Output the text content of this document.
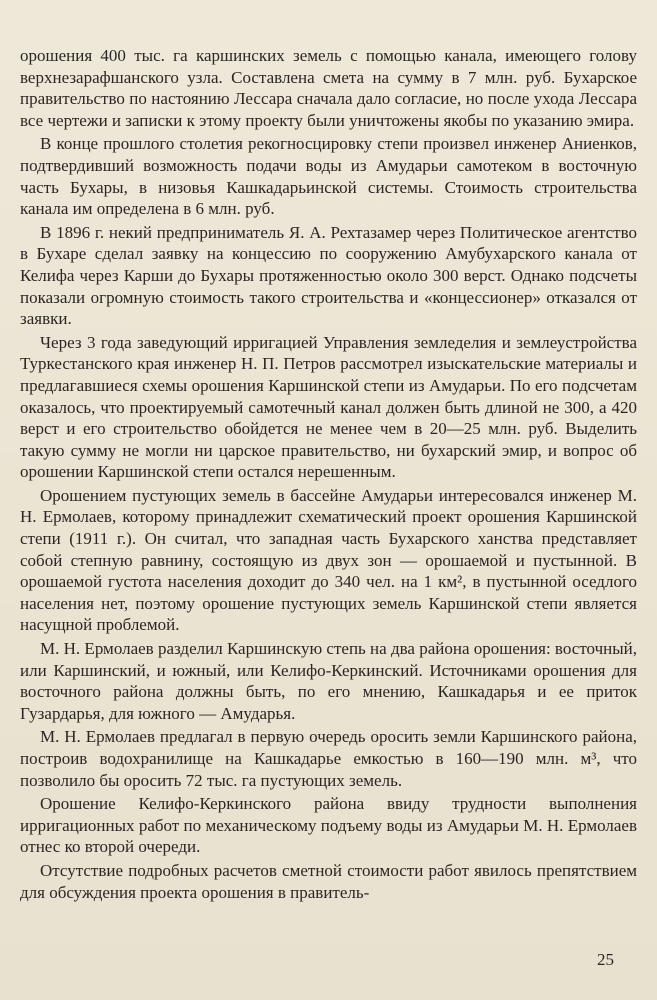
орошения 400 тыс. га каршинских земель с помощью канала, имеющего голову верхнезарафшанского узла. Составлена смета на сумму в 7 млн. руб. Бухарское правительство по настоянию Лессара сначала дало согласие, но после ухода Лессара все чертежи и записки к этому проекту были уничтожены якобы по указанию эмира.

В конце прошлого столетия рекогносцировку степи произвел инженер Аниенков, подтвердивший возможность подачи воды из Амударьи самотеком в восточную часть Бухары, в низовья Кашкадарьинской системы. Стоимость строительства канала им определена в 6 млн. руб.

В 1896 г. некий предприниматель Я. А. Рехтазамер через Политическое агентство в Бухаре сделал заявку на концессию по сооружению Амубухарского канала от Келифа через Карши до Бухары протяженностью около 300 верст. Однако подсчеты показали огромную стоимость такого строительства и «концессионер» отказался от заявки.

Через 3 года заведующий ирригацией Управления земледелия и землеустройства Туркестанского края инженер Н. П. Петров рассмотрел изыскательские материалы и предлагавшиеся схемы орошения Каршинской степи из Амударьи. По его подсчетам оказалось, что проектируемый самотечный канал должен быть длиной не 300, а 420 верст и его строительство обойдется не менее чем в 20—25 млн. руб. Выделить такую сумму не могли ни царское правительство, ни бухарский эмир, и вопрос об орошении Каршинской степи остался нерешенным.

Орошением пустующих земель в бассейне Амударьи интересовался инженер М. Н. Ермолаев, которому принадлежит схематический проект орошения Каршинской степи (1911 г.). Он считал, что западная часть Бухарского ханства представляет собой степную равнину, состоящую из двух зон — орошаемой и пустынной. В орошаемой густота населения доходит до 340 чел. на 1 км², в пустынной оседлого населения нет, поэтому орошение пустующих земель Каршинской степи является насущной проблемой.

М. Н. Ермолаев разделил Каршинскую степь на два района орошения: восточный, или Каршинский, и южный, или Келифо-Керкинский. Источниками орошения для восточного района должны быть, по его мнению, Кашкадарья и ее приток Гузардарья, для южного — Амударья.

М. Н. Ермолаев предлагал в первую очередь оросить земли Каршинского района, построив водохранилище на Кашкадарье емкостью в 160—190 млн. м³, что позволило бы оросить 72 тыс. га пустующих земель.

Орошение Келифо-Керкинского района ввиду трудности выполнения ирригационных работ по механическому подъему воды из Амударьи М. Н. Ермолаев отнес ко второй очереди.

Отсутствие подробных расчетов сметной стоимости работ явилось препятствием для обсуждения проекта орошения в правитель-

25
